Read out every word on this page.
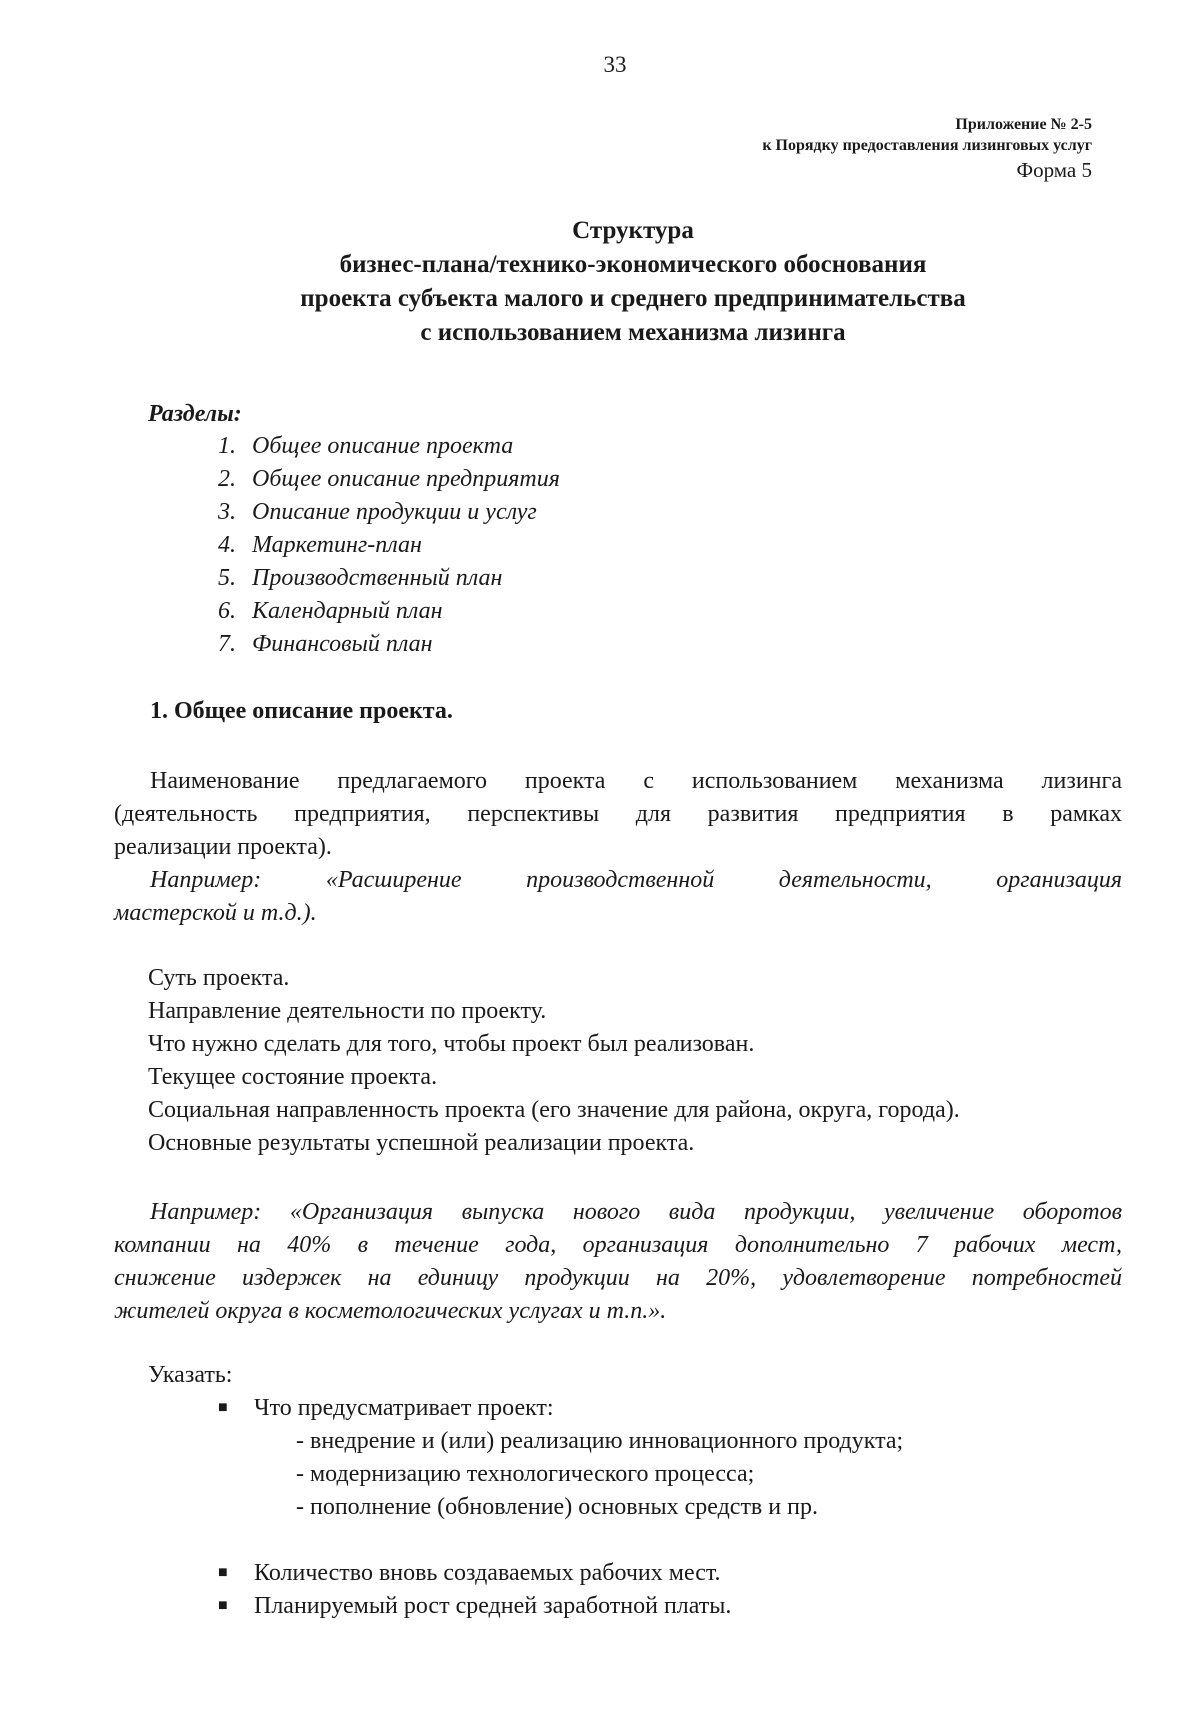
33
Приложение № 2-5
к Порядку предоставления лизинговых услуг
Форма 5
Структура
бизнес-плана/технико-экономического обоснования
проекта субъекта малого и среднего предпринимательства
с использованием механизма лизинга
Разделы:
1. Общее описание проекта
2. Общее описание предприятия
3. Описание продукции и услуг
4. Маркетинг-план
5. Производственный план
6. Календарный план
7. Финансовый план
1. Общее описание проекта.
Наименование предлагаемого проекта с использованием механизма лизинга
(деятельность предприятия, перспективы для развития предприятия в рамках
реализации проекта).
Например: «Расширение производственной деятельности, организация
мастерской и т.д.).
Суть проекта.
Направление деятельности по проекту.
Что нужно сделать для того, чтобы проект был реализован.
Текущее состояние проекта.
Социальная направленность проекта (его значение для района, округа, города).
Основные результаты успешной реализации проекта.
Например: «Организация выпуска нового вида продукции, увеличение оборотов
компании на 40% в течение года, организация дополнительно 7 рабочих мест,
снижение издержек на единицу продукции на 20%, удовлетворение потребностей
жителей округа в косметологических услугах и т.п.».
Указать:
■ Что предусматривает проект:
- внедрение и (или) реализацию инновационного продукта;
- модернизацию технологического процесса;
- пополнение (обновление) основных средств и пр.
■ Количество вновь создаваемых рабочих мест.
■ Планируемый рост средней заработной платы.
